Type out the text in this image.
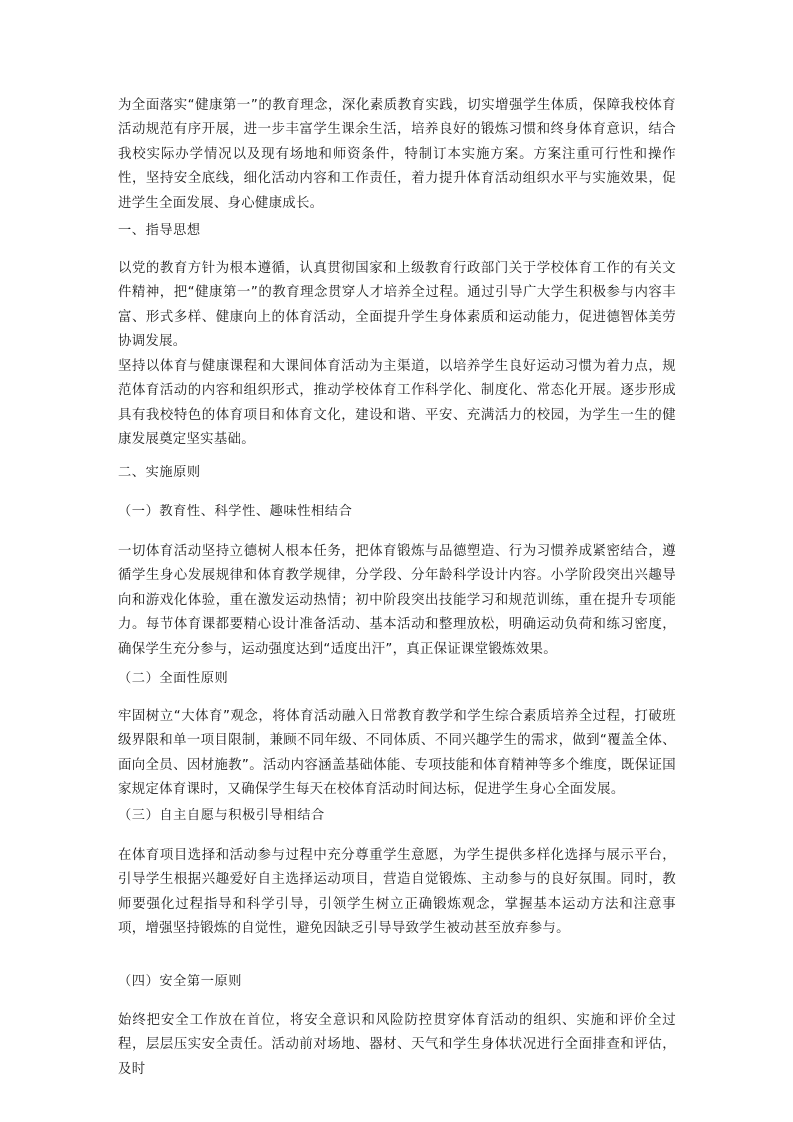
为全面落实“健康第一”的教育理念，深化素质教育实践，切实增强学生体质，保障我校体育活动规范有序开展，进一步丰富学生课余生活，培养良好的锻炼习惯和终身体育意识，结合我校实际办学情况以及现有场地和师资条件，特制订本实施方案。方案注重可行性和操作性，坚持安全底线，细化活动内容和工作责任，着力提升体育活动组织水平与实施效果，促进学生全面发展、身心健康成长。

一、指导思想

以党的教育方针为根本遵循，认真贯彻国家和上级教育行政部门关于学校体育工作的有关文件精神，把“健康第一”的教育理念贯穿人才培养全过程。通过引导广大学生积极参与内容丰富、形式多样、健康向上的体育活动，全面提升学生身体素质和运动能力，促进德智体美劳协调发展。

坚持以体育与健康课程和大课间体育活动为主渠道，以培养学生良好运动习惯为着力点，规范体育活动的内容和组织形式，推动学校体育工作科学化、制度化、常态化开展。逐步形成具有我校特色的体育项目和体育文化，建设和谐、平安、充满活力的校园，为学生一生的健康发展奠定坚实基础。

二、实施原则

（一）教育性、科学性、趣味性相结合

一切体育活动坚持立德树人根本任务，把体育锻炼与品德塑造、行为习惯养成紧密结合，遵循学生身心发展规律和体育教学规律，分学段、分年龄科学设计内容。小学阶段突出兴趣导向和游戏化体验，重在激发运动热情；初中阶段突出技能学习和规范训练，重在提升专项能力。每节体育课都要精心设计准备活动、基本活动和整理放松，明确运动负荷和练习密度，确保学生充分参与，运动强度达到“适度出汗”，真正保证课堂锻炼效果。

（二）全面性原则

牢固树立“大体育”观念，将体育活动融入日常教育教学和学生综合素质培养全过程，打破班级界限和单一项目限制，兼顾不同年级、不同体质、不同兴趣学生的需求，做到“覆盖全体、面向全员、因材施教”。活动内容涵盖基础体能、专项技能和体育精神等多个维度，既保证国家规定体育课时，又确保学生每天在校体育活动时间达标，促进学生身心全面发展。

（三）自主自愿与积极引导相结合

在体育项目选择和活动参与过程中充分尊重学生意愿，为学生提供多样化选择与展示平台，引导学生根据兴趣爱好自主选择运动项目，营造自觉锻炼、主动参与的良好氛围。同时，教师要强化过程指导和科学引导，引领学生树立正确锻炼观念，掌握基本运动方法和注意事项，增强坚持锻炼的自觉性，避免因缺乏引导导致学生被动甚至放弃参与。

（四）安全第一原则

始终把安全工作放在首位，将安全意识和风险防控贯穿体育活动的组织、实施和评价全过程，层层压实安全责任。活动前对场地、器材、天气和学生身体状况进行全面排查和评估，及时
